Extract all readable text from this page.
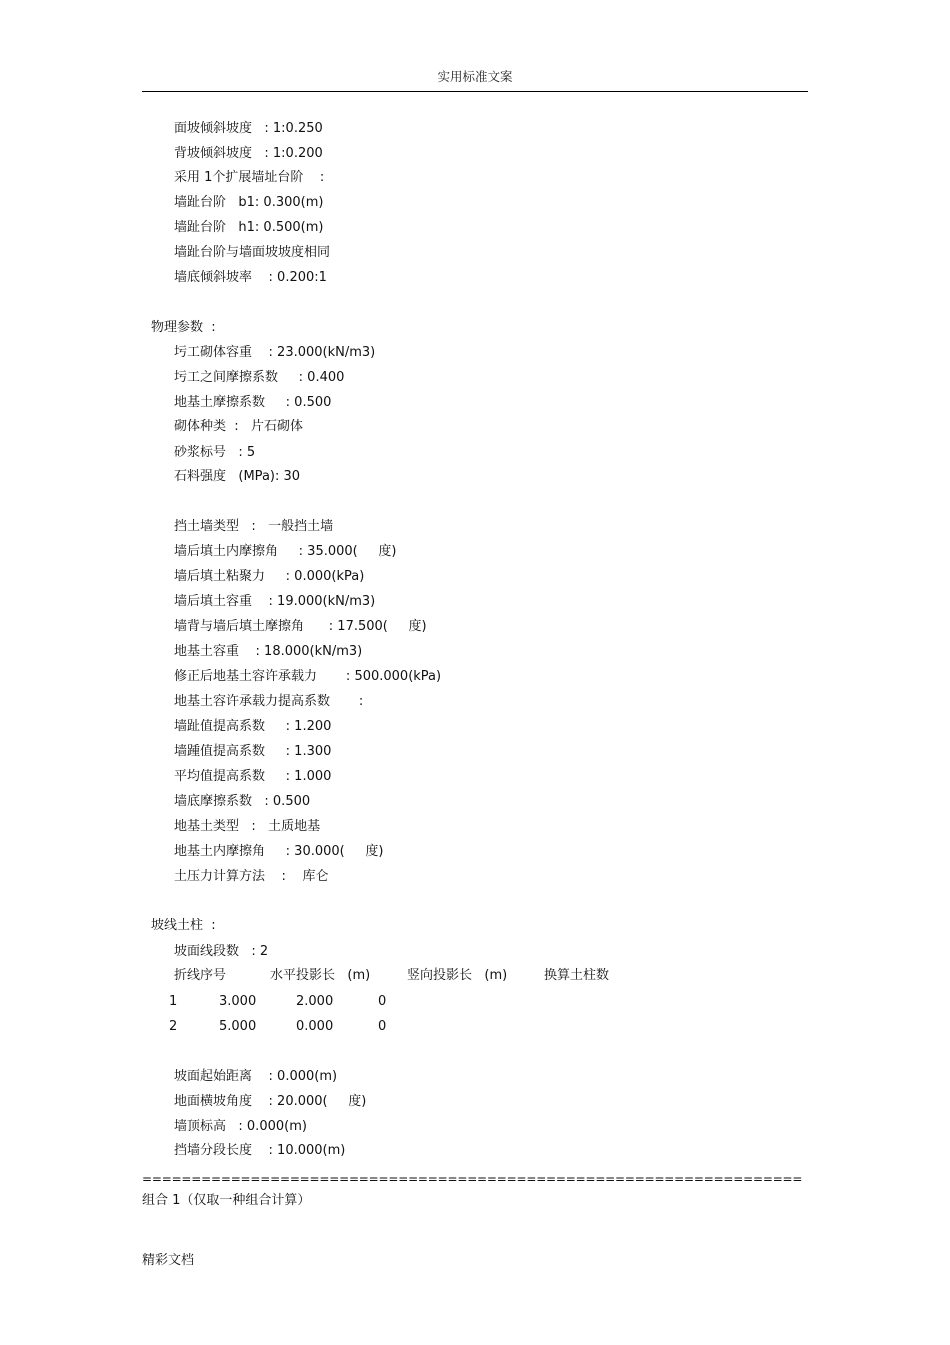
实用标准文案
面坡倾斜坡度   : 1:0.250
背坡倾斜坡度   : 1:0.200
采用 1个扩展墙址台阶    :
墙趾台阶   b1: 0.300(m)
墙趾台阶   h1: 0.500(m)
墙趾台阶与墙面坡坡度相同
墙底倾斜坡率    : 0.200:1
物理参数  :
圬工砌体容重    : 23.000(kN/m3)
圬工之间摩擦系数     : 0.400
地基土摩擦系数     : 0.500
砌体种类  :   片石砌体
砂浆标号   : 5
石料强度   (MPa): 30
挡土墙类型   :   一般挡土墙
墙后填土内摩擦角     : 35.000(     度)
墙后填土粘聚力     : 0.000(kPa)
墙后填土容重    : 19.000(kN/m3)
墙背与墙后填土摩擦角      : 17.500(     度)
地基土容重    : 18.000(kN/m3)
修正后地基土容许承载力       : 500.000(kPa)
地基土容许承载力提高系数       :
墙趾值提高系数     : 1.200
墙踵值提高系数     : 1.300
平均值提高系数     : 1.000
墙底摩擦系数   : 0.500
地基土类型   :   土质地基
地基土内摩擦角     : 30.000(     度)
土压力计算方法    :    库仑
坡线土柱  :
坡面线段数   : 2
折线序号	水平投影长   (m)	竖向投影长   (m)	换算土柱数
1	3.000	2.000	0
2	5.000	0.000	0
坡面起始距离    : 0.000(m)
地面横坡角度    : 20.000(     度)
墙顶标高   : 0.000(m)
挡墙分段长度    : 10.000(m)
===================================================================
组合 1（仅取一种组合计算）
精彩文档
